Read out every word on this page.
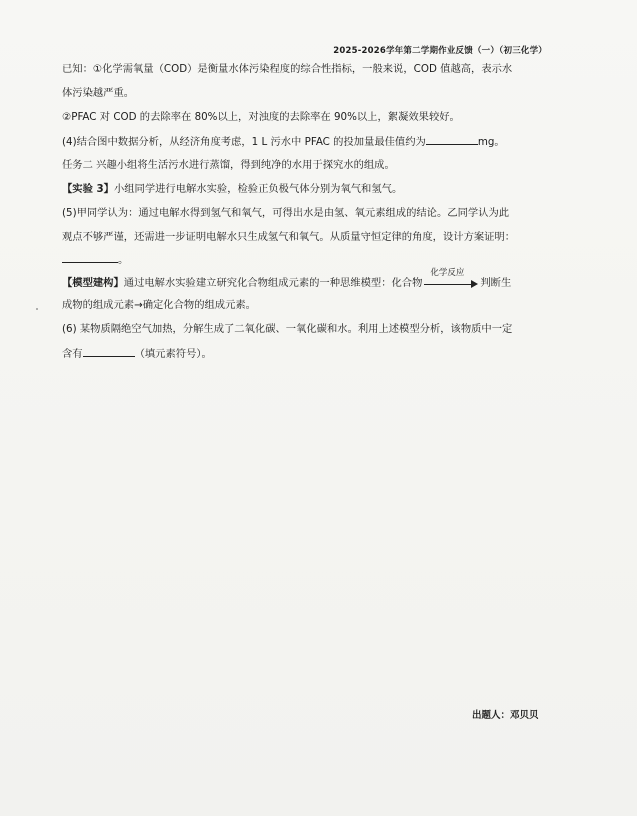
2025-2026学年第二学期作业反馈（一）（初三化学）
已知：①化学需氧量（COD）是衡量水体污染程度的综合性指标，一般来说，COD 值越高，表示水
体污染越严重。
②PFAC 对 COD 的去除率在 80%以上，对浊度的去除率在 90%以上，絮凝效果较好。
(4)结合图中数据分析，从经济角度考虑，1 L 污水中 PFAC 的投加量最佳值约为	mg。
任务二 兴趣小组将生活污水进行蒸馏，得到纯净的水用于探究水的组成。
【实验 3】小组同学进行电解水实验，检验正负极气体分别为氧气和氢气。
(5)甲同学认为：通过电解水得到氢气和氧气，可得出水是由氢、氧元素组成的结论。乙同学认为此
观点不够严谨，还需进一步证明电解水只生成氢气和氧气。从质量守恒定律的角度，设计方案证明：
。
【模型建构】通过电解水实验建立研究化合物组成元素的一种思维模型：化合物
化学反应
判断生
成物的组成元素→确定化合物的组成元素。
(6) 某物质隔绝空气加热，分解生成了二氧化碳、一氧化碳和水。利用上述模型分析，该物质中一定
含有	（填元素符号）。
出题人：邓贝贝
